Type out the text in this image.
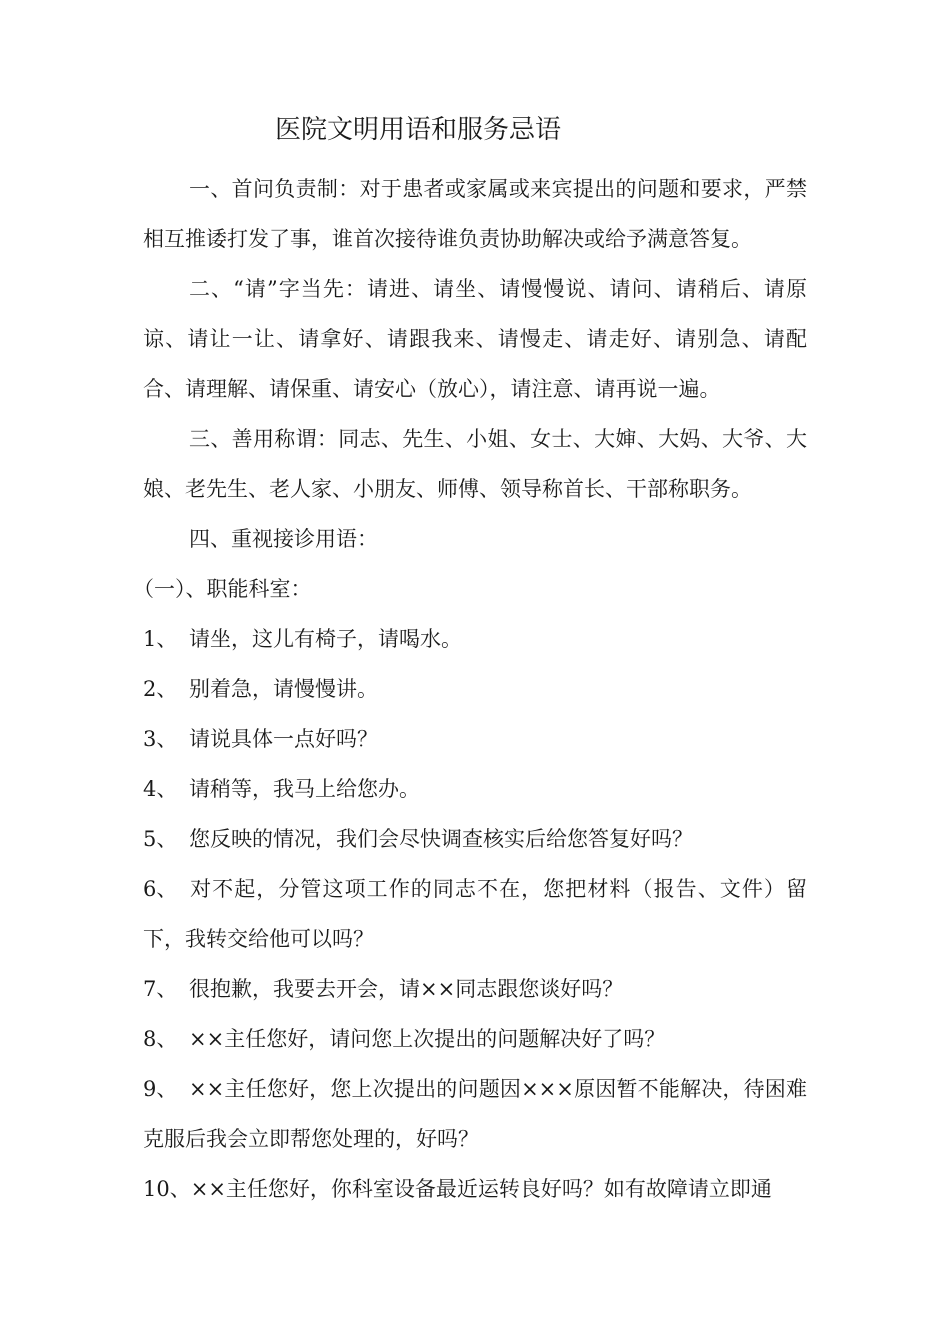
医院文明用语和服务忌语

一、首问负责制：对于患者或家属或来宾提出的问题和要求，严禁相互推诿打发了事，谁首次接待谁负责协助解决或给予满意答复。

二、“请”字当先：请进、请坐、请慢慢说、请问、请稍后、请原谅、请让一让、请拿好、请跟我来、请慢走、请走好、请别急、请配合、请理解、请保重、请安心（放心），请注意、请再说一遍。

三、善用称谓：同志、先生、小姐、女士、大婶、大妈、大爷、大娘、老先生、老人家、小朋友、师傅、领导称首长、干部称职务。

四、重视接诊用语：

（一）、职能科室：

1、 请坐，这儿有椅子，请喝水。

2、 别着急，请慢慢讲。

3、 请说具体一点好吗？

4、 请稍等，我马上给您办。

5、 您反映的情况，我们会尽快调查核实后给您答复好吗？

6、 对不起，分管这项工作的同志不在，您把材料（报告、文件）留下，我转交给他可以吗？

7、 很抱歉，我要去开会，请××同志跟您谈好吗？

8、 ××主任您好，请问您上次提出的问题解决好了吗？

9、 ××主任您好，您上次提出的问题因×××原因暂不能解决，待困难克服后我会立即帮您处理的，好吗？

10、××主任您好，你科室设备最近运转良好吗？如有故障请立即通
